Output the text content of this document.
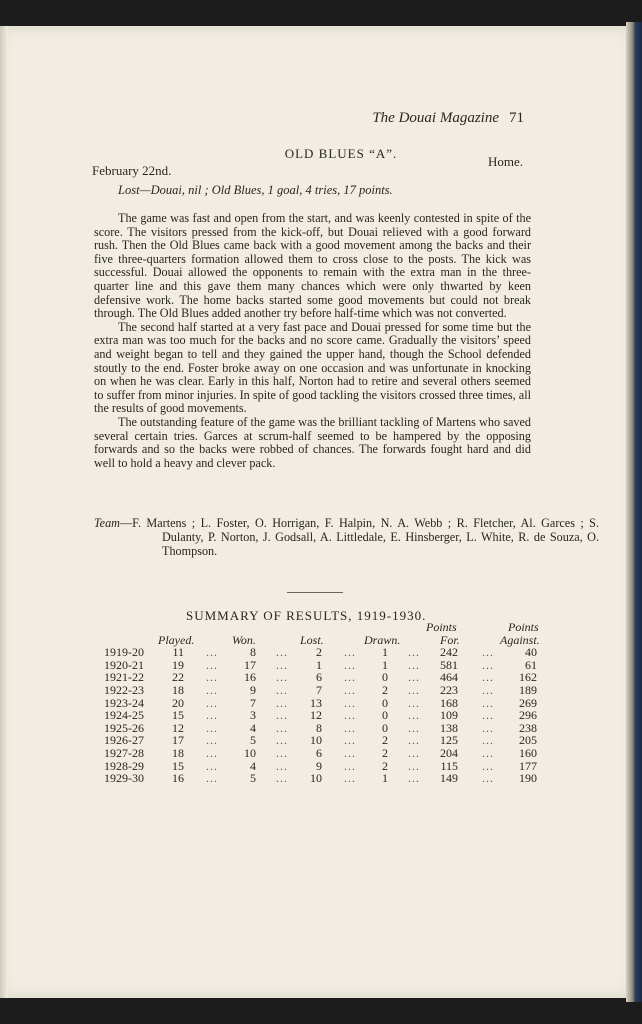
The Douai Magazine 71
OLD BLUES “A”.
February 22nd.
Home.
Lost—Douai, nil ; Old Blues, 1 goal, 4 tries, 17 points.

The game was fast and open from the start, and was keenly contested in spite of the score. The visitors pressed from the kick-off, but Douai relieved with a good forward rush. Then the Old Blues came back with a good movement among the backs and their five three-quarters formation allowed them to cross close to the posts. The kick was successful. Douai allowed the opponents to remain with the extra man in the three-quarter line and this gave them many chances which were only thwarted by keen defensive work. The home backs started some good movements but could not break through. The Old Blues added another try before half-time which was not converted.

The second half started at a very fast pace and Douai pressed for some time but the extra man was too much for the backs and no score came. Gradually the visitors’ speed and weight began to tell and they gained the upper hand, though the School defended stoutly to the end. Foster broke away on one occasion and was unfortunate in knocking on when he was clear. Early in this half, Norton had to retire and several others seemed to suffer from minor injuries. In spite of good tackling the visitors crossed three times, all the results of good movements.

The outstanding feature of the game was the brilliant tackling of Martens who saved several certain tries. Garces at scrum-half seemed to be hampered by the opposing forwards and so the backs were robbed of chances. The forwards fought hard and did well to hold a heavy and clever pack.

Team—F. Martens ; L. Foster, O. Horrigan, F. Halpin, N. A. Webb ; R. Fletcher, Al. Garces ; S. Dulanty, P. Norton, J. Godsall, A. Littledale, E. Hinsberger, L. White, R. de Souza, O. Thompson.
SUMMARY OF RESULTS, 1919-1930.
Points	Points
Played.	Won.	Lost.	Drawn.	For.	Against.
1919-20 11	8	2	1	242	40
...	...	...	...	...
1920-21 19	17	1	1	581	61
...	...	...	...	...
1921-22 22	16	6	0	464	162
...	...	...	...	...
1922-23 18	9	7	2	223	189
...	...	...	...	...
1923-24 20	7	13	0	168	269
...	...	...	...	...
1924-25 15	3	12	0	109	296
...	...	...	...	...
1925-26 12	4	8	0	138	238
...	...	...	...	...
1926-27 17	5	10	2	125	205
...	...	...	...	...
1927-28 18	10	6	2	204	160
...	...	...	...	...
1928-29 15	4	9	2	115	177
...	...	...	...	...
1929-30 16	5	10	1	149	190
...	...	...	...	...
